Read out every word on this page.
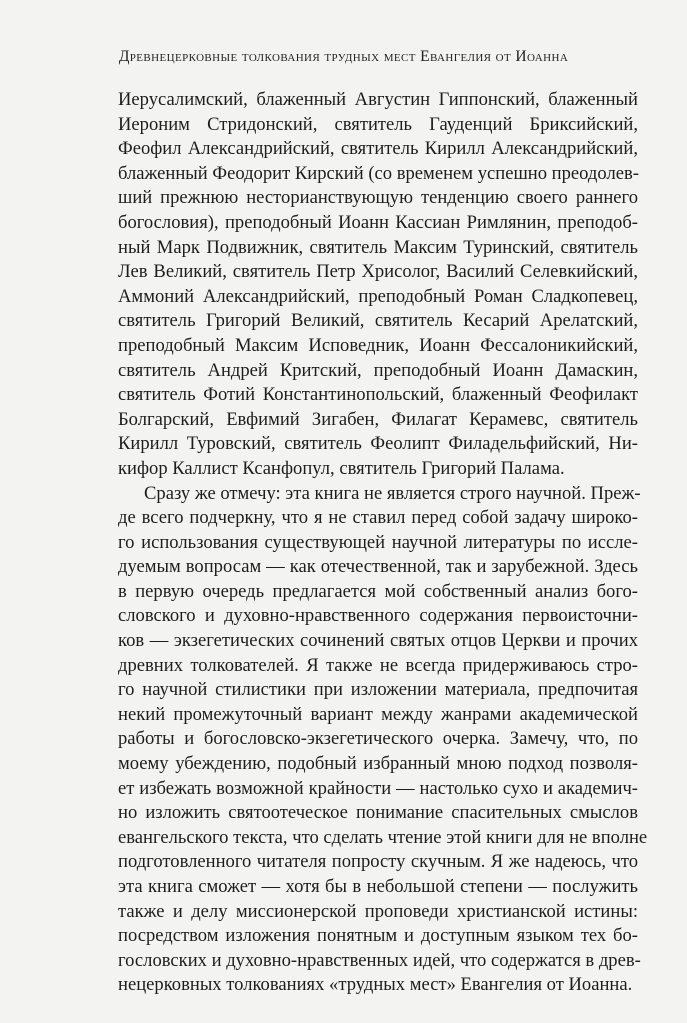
Древнецерковные толкования трудных мест Евангелия от Иоанна
Иерусалимский, блаженный Августин Гиппонский, блаженный
Иероним Стридонский, святитель Гауденций Бриксийский,
Феофил Александрийский, святитель Кирилл Александрийский,
блаженный Феодорит Кирский (со временем успешно преодолев-
ший прежнюю несторианствующую тенденцию своего раннего
богословия), преподобный Иоанн Кассиан Римлянин, преподоб-
ный Марк Подвижник, святитель Максим Туринский, святитель
Лев Великий, святитель Петр Хрисолог, Василий Селевкийский,
Аммоний Александрийский, преподобный Роман Сладкопевец,
святитель Григорий Великий, святитель Кесарий Арелатский,
преподобный Максим Исповедник, Иоанн Фессалоникийский,
святитель Андрей Критский, преподобный Иоанн Дамаскин,
святитель Фотий Константинопольский, блаженный Феофилакт
Болгарский, Евфимий Зигабен, Филагат Керамевс, святитель
Кирилл Туровский, святитель Феолипт Филадельфийский, Ни-
кифор Каллист Ксанфопул, святитель Григорий Палама.
Сразу же отмечу: эта книга не является строго научной. Преж-
де всего подчеркну, что я не ставил перед собой задачу широко-
го использования существующей научной литературы по иссле-
дуемым вопросам — как отечественной, так и зарубежной. Здесь
в первую очередь предлагается мой собственный анализ бого-
словского и духовно-нравственного содержания первоисточни-
ков — экзегетических сочинений святых отцов Церкви и прочих
древних толкователей. Я также не всегда придерживаюсь стро-
го научной стилистики при изложении материала, предпочитая
некий промежуточный вариант между жанрами академической
работы и богословско-экзегетического очерка. Замечу, что, по
моему убеждению, подобный избранный мною подход позволя-
ет избежать возможной крайности — настолько сухо и академич-
но изложить святоотеческое понимание спасительных смыслов
евангельского текста, что сделать чтение этой книги для не вполне
подготовленного читателя попросту скучным. Я же надеюсь, что
эта книга сможет — хотя бы в небольшой степени — послужить
также и делу миссионерской проповеди христианской истины:
посредством изложения понятным и доступным языком тех бо-
гословских и духовно-нравственных идей, что содержатся в древ-
нецерковных толкованиях «трудных мест» Евангелия от Иоанна.
